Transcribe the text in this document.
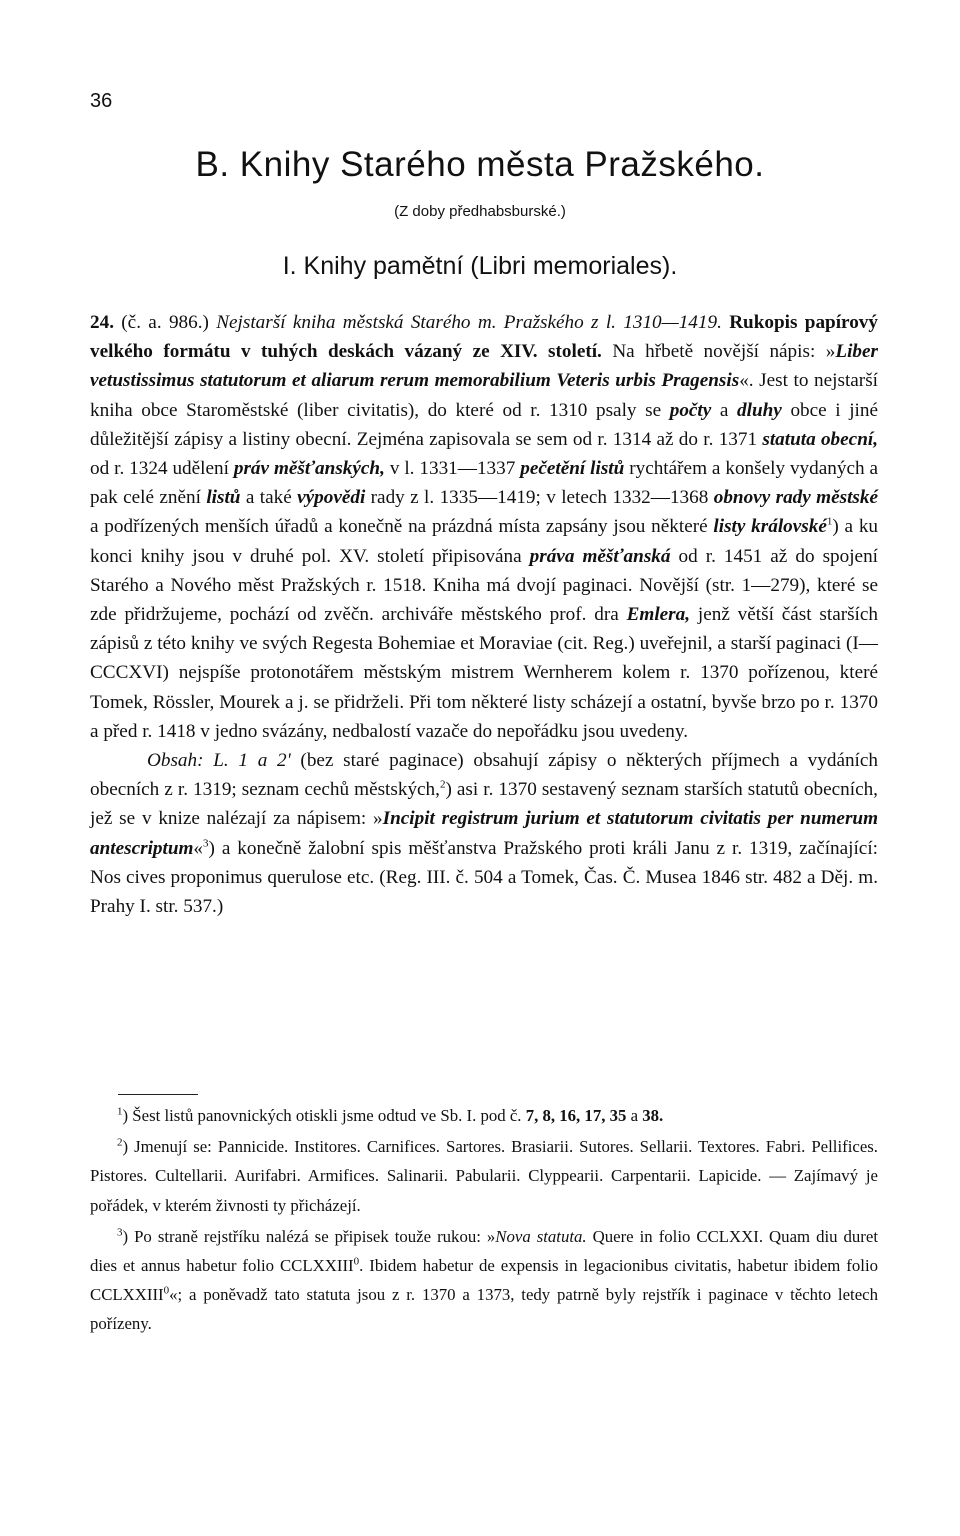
36
B. Knihy Starého města Pražského.
(Z doby předhabsburské.)
I. Knihy pamětní (Libri memoriales).

24. (č. a. 986.) Nejstarší kniha městská Starého m. Pražského z l. 1310—1419. Rukopis papírový velkého formátu v tuhých deskách vázaný ze XIV. století. Na hřbetě novější nápis: »Liber vetustissimus statutorum et aliarum rerum memorabilium Veteris urbis Pragensis«. Jest to nejstarší kniha obce Staroměstské (liber civitatis), do které od r. 1310 psaly se počty a dluhy obce i jiné důležitější zápisy a listiny obecní. Zejména zapisovala se sem od r. 1314 až do r. 1371 statuta obecní, od r. 1324 udělení práv měšťanských, v l. 1331—1337 pečetění listů rychtářem a konšely vydaných a pak celé znění listů a také výpovědi rady z l. 1335—1419; v letech 1332—1368 obnovy rady městské a podřízených menších úřadů a konečně na prázdná místa zapsány jsou některé listy královské$^1$) a ku konci knihy jsou v druhé pol. XV. století připisována práva měšťanská od r. 1451 až do spojení Starého a Nového měst Pražských r. 1518. Kniha má dvojí paginaci. Novější (str. 1—279), které se zde přidržujeme, pochází od zvěčn. archiváře městského prof. dra Emlera, jenž větší část starších zápisů z této knihy ve svých Regesta Bohemiae et Moraviae (cit. Reg.) uveřejnil, a starší paginaci (I—CCCXVI) nejspíše protonotářem městským mistrem Wernherem kolem r. 1370 pořízenou, které Tomek, Rössler, Mourek a j. se přidrželi. Při tom některé listy scházejí a ostatní, byvše brzo po r. 1370 a před r. 1418 v jedno svázány, nedbalostí vazače do nepořádku jsou uvedeny.

Obsah: L. 1 a 2' (bez staré paginace) obsahují zápisy o některých příjmech a vydáních obecních z r. 1319; seznam cechů městských,$^2$) asi r. 1370 sestavený seznam starších statutů obecních, jež se v knize nalézají za nápisem: »Incipit registrum jurium et statutorum civitatis per numerum antescriptum«$^3$) a konečně žalobní spis měšťanstva Pražského proti králi Janu z r. 1319, začínající: Nos cives proponimus querulose etc. (Reg. III. č. 504 a Tomek, Čas. Č. Musea 1846 str. 482 a Děj. m. Prahy I. str. 537.)

$^1$) Šest listů panovnických otiskli jsme odtud ve Sb. I. pod č. 7, 8, 16, 17, 35 a 38.

$^2$) Jmenují se: Pannicide. Institores. Carnifices. Sartores. Brasiarii. Sutores. Sellarii. Textores. Fabri. Pellifices. Pistores. Cultellarii. Aurifabri. Armifices. Salinarii. Pabularii. Clyppearii. Carpentarii. Lapicide. — Zajímavý je pořádek, v kterém živnosti ty přicházejí.

$^3$) Po straně rejstříku nalézá se připisek touže rukou: »Nova statuta. Quere in folio CCLXXI. Quam diu duret dies et annus habetur folio CCLXXIII$^0$. Ibidem habetur de expensis in legacionibus civitatis, habetur ibidem folio CCLXXIII$^0$«; a poněvadž tato statuta jsou z r. 1370 a 1373, tedy patrně byly rejstřík i paginace v těchto letech pořízeny.
